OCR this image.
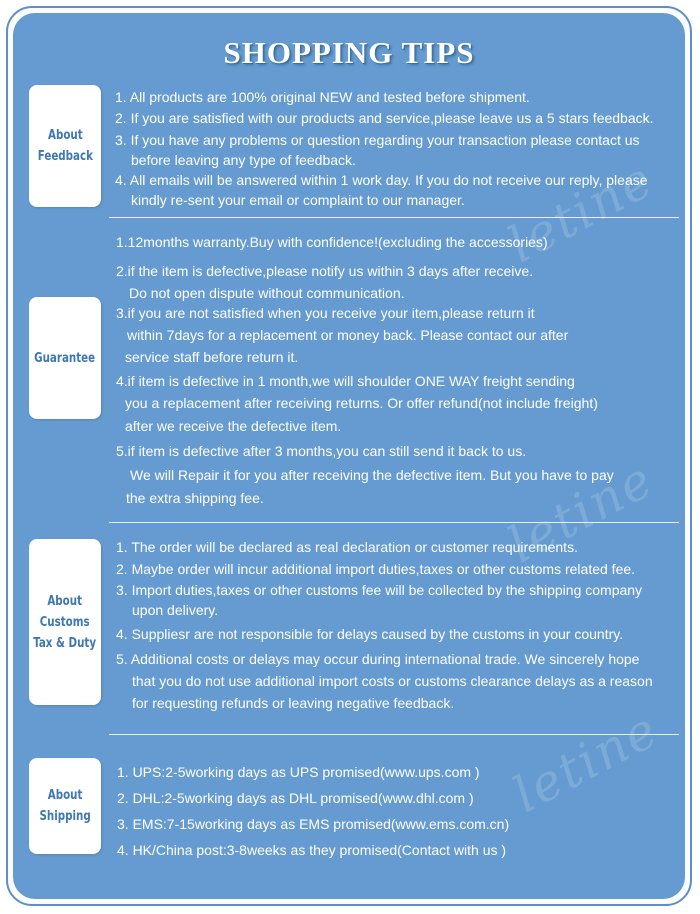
SHOPPING TIPS
letine
letine
letine
About
Feedback
1. All products are 100% original NEW and tested before shipment.
2. If you are satisfied with our products and service,please leave us a 5 stars feedback.
3. If you have any problems or question regarding your transaction please contact us
before leaving any type of feedback.
4. All emails will be answered within 1 work day. If you do not receive our reply, please
kindly re-sent your email or complaint to our manager.
Guarantee
1.12months warranty.Buy with confidence!(excluding the accessories)
2.if the item is defective,please notify us within 3 days after receive.
Do not open dispute without communication.
3.if you are not satisfied when you receive your item,please return it
within 7days for a replacement or money back. Please contact our after
service staff before return it.
4.if item is defective in 1 month,we will shoulder ONE WAY freight sending
you a replacement after receiving returns. Or offer refund(not include freight)
after we receive the defective item.
5.if item is defective after 3 months,you can still send it back to us.
We will Repair it for you after receiving the defective item. But you have to pay
the extra shipping fee.
About
Customs
Tax & Duty
1. The order will be declared as real declaration or customer requirements.
2. Maybe order will incur additional import duties,taxes or other customs related fee.
3. Import duties,taxes or other customs fee will be collected by the shipping company
upon delivery.
4. Suppliesr are not responsible for delays caused by the customs in your country.
5. Additional costs or delays may occur during international trade. We sincerely hope
that you do not use additional import costs or customs clearance delays as a reason
for requesting refunds or leaving negative feedback.
About
Shipping
1. UPS:2-5working days as UPS promised(www.ups.com )
2. DHL:2-5working days as DHL promised(www.dhl.com )
3. EMS:7-15working days as EMS promised(www.ems.com.cn)
4. HK/China post:3-8weeks as they promised(Contact with us )
